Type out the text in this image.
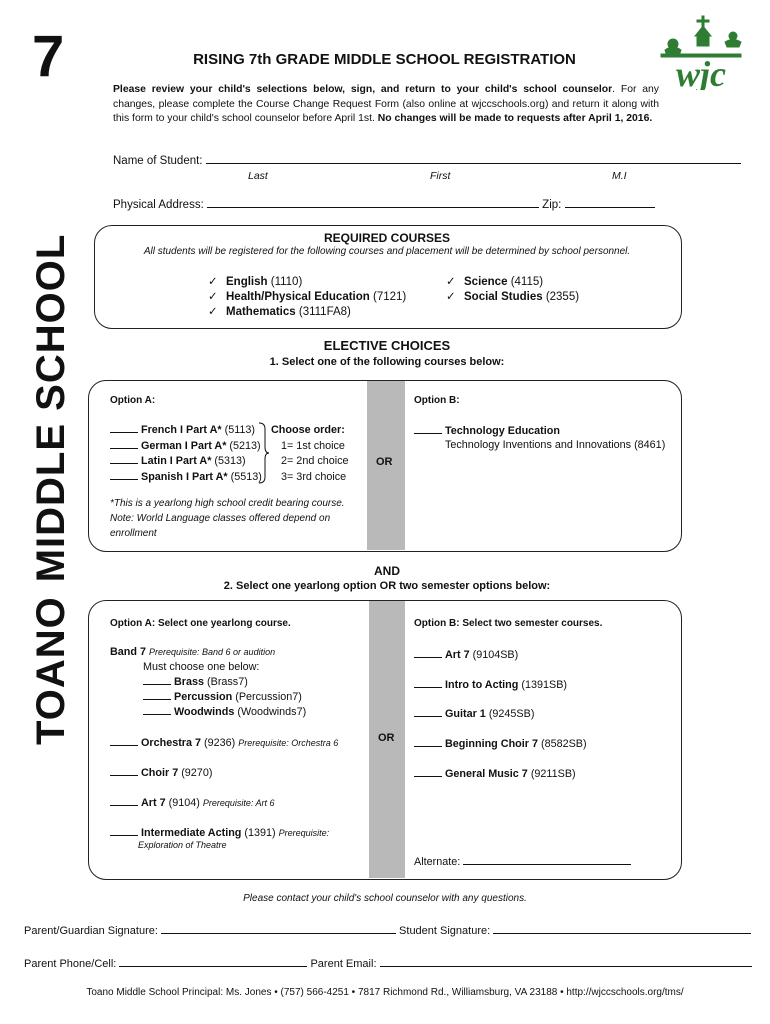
7
TOANOMIDDLE SCHOOL
wjc
RISING 7th GRADE MIDDLE SCHOOL REGISTRATION
Please review your child's selections below, sign, and return to your child's school counselor. For any changes, please complete the Course Change Request Form (also online at wjccschools.org) and return it along with this form to your child's school counselor before April 1st. No changes will be made to requests after April 1, 2016.
Name of Student:
Last	First	M.I
Physical Address:	Zip:
REQUIRED COURSES
All students will be registered for the following courses and placement will be determined by school personnel.
✓ English (1110)
✓ Health/Physical Education (7121)
✓ Mathematics (3111FA8)
✓ Science (4115)
✓ Social Studies (2355)
ELECTIVE CHOICES
1. Select one of the following courses below:
OR
Option A:	Option B:
French I Part A* (5113)
German I Part A* (5213)
Latin I Part A* (5313)
Spanish I Part A* (5513)
Choose order:
1= 1st choice
2= 2nd choice
3= 3rd choice
*This is a yearlong high school credit bearing course.
Note: World Language classes offered depend on
enrollment
Technology Education
Technology Inventions and Innovations (8461)
AND
2. Select one yearlong option OR two semester options below:
OR
Option A: Select one yearlong course.	Option B: Select two semester courses.
Band 7 Prerequisite: Band 6 or audition
Must choose one below:
Brass (Brass7)
Percussion (Percussion7)
Woodwinds (Woodwinds7)
Orchestra 7 (9236) Prerequisite: Orchestra 6
Choir 7 (9270)
Art 7 (9104) Prerequisite: Art 6
Intermediate Acting (1391) Prerequisite:
Exploration of Theatre
Art 7 (9104SB)
Intro to Acting (1391SB)
Guitar 1 (9245SB)
Beginning Choir 7 (8582SB)
General Music 7 (9211SB)
Alternate:
Please contact your child's school counselor with any questions.
Parent/Guardian Signature:	Student Signature:
Parent Phone/Cell:	Parent Email:
Toano Middle School Principal: Ms. Jones • (757) 566-4251 • 7817 Richmond Rd., Williamsburg, VA 23188 • http://wjccschools.org/tms/
